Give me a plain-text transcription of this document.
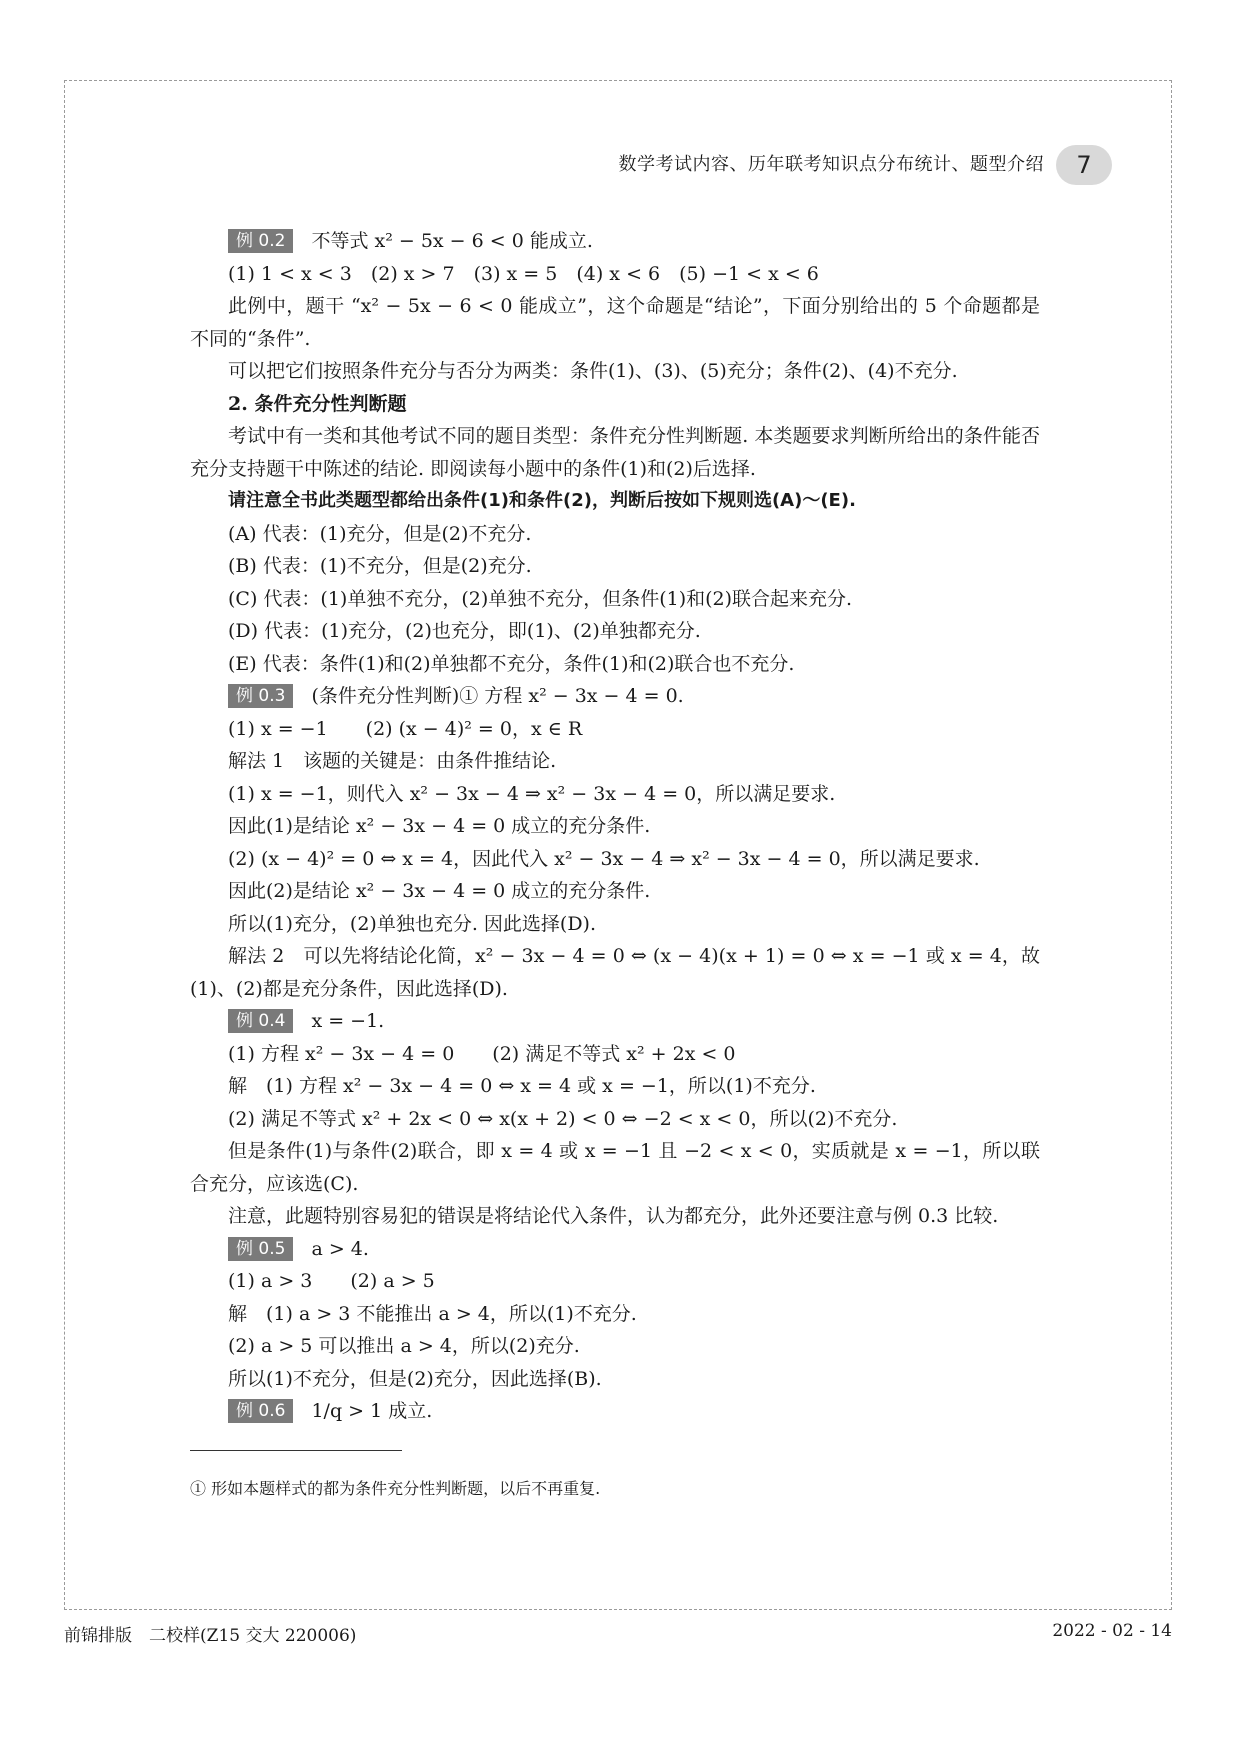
数学考试内容、历年联考知识点分布统计、题型介绍	7

例 0.2 不等式 x² − 5x − 6 < 0 能成立.

(1) 1 < x < 3　(2) x > 7　(3) x = 5　(4) x < 6　(5) −1 < x < 6

此例中，题干 “x² − 5x − 6 < 0 能成立”，这个命题是“结论”，下面分别给出的 5 个命题都是不同的“条件”.

可以把它们按照条件充分与否分为两类：条件(1)、(3)、(5)充分；条件(2)、(4)不充分.

2. 条件充分性判断题

考试中有一类和其他考试不同的题目类型：条件充分性判断题. 本类题要求判断所给出的条件能否充分支持题干中陈述的结论. 即阅读每小题中的条件(1)和(2)后选择.

请注意全书此类题型都给出条件(1)和条件(2)，判断后按如下规则选(A)～(E).

(A) 代表：(1)充分，但是(2)不充分.

(B) 代表：(1)不充分，但是(2)充分.

(C) 代表：(1)单独不充分，(2)单独不充分，但条件(1)和(2)联合起来充分.

(D) 代表：(1)充分，(2)也充分，即(1)、(2)单独都充分.

(E) 代表：条件(1)和(2)单独都不充分，条件(1)和(2)联合也不充分.

例 0.3 (条件充分性判断)① 方程 x² − 3x − 4 = 0.

(1) x = −1　　(2) (x − 4)² = 0，x ∈ R

解法 1　该题的关键是：由条件推结论.

(1) x = −1，则代入 x² − 3x − 4 ⇒ x² − 3x − 4 = 0，所以满足要求.

因此(1)是结论 x² − 3x − 4 = 0 成立的充分条件.

(2) (x − 4)² = 0 ⇔ x = 4，因此代入 x² − 3x − 4 ⇒ x² − 3x − 4 = 0，所以满足要求.

因此(2)是结论 x² − 3x − 4 = 0 成立的充分条件.

所以(1)充分，(2)单独也充分. 因此选择(D).

解法 2　可以先将结论化简，x² − 3x − 4 = 0 ⇔ (x − 4)(x + 1) = 0 ⇔ x = −1 或 x = 4，故(1)、(2)都是充分条件，因此选择(D).

例 0.4 x = −1.

(1) 方程 x² − 3x − 4 = 0　　(2) 满足不等式 x² + 2x < 0

解　(1) 方程 x² − 3x − 4 = 0 ⇔ x = 4 或 x = −1，所以(1)不充分.

(2) 满足不等式 x² + 2x < 0 ⇔ x(x + 2) < 0 ⇔ −2 < x < 0，所以(2)不充分.

但是条件(1)与条件(2)联合，即 x = 4 或 x = −1 且 −2 < x < 0，实质就是 x = −1，所以联合充分，应该选(C).

注意，此题特别容易犯的错误是将结论代入条件，认为都充分，此外还要注意与例 0.3 比较.

例 0.5 a > 4.

(1) a > 3　　(2) a > 5

解　(1) a > 3 不能推出 a > 4，所以(1)不充分.

(2) a > 5 可以推出 a > 4，所以(2)充分.

所以(1)不充分，但是(2)充分，因此选择(B).

例 0.6 1/q > 1 成立.

① 形如本题样式的都为条件充分性判断题，以后不再重复.
前锦排版　二校样(Z15 交大 220006)	2022 - 02 - 14
